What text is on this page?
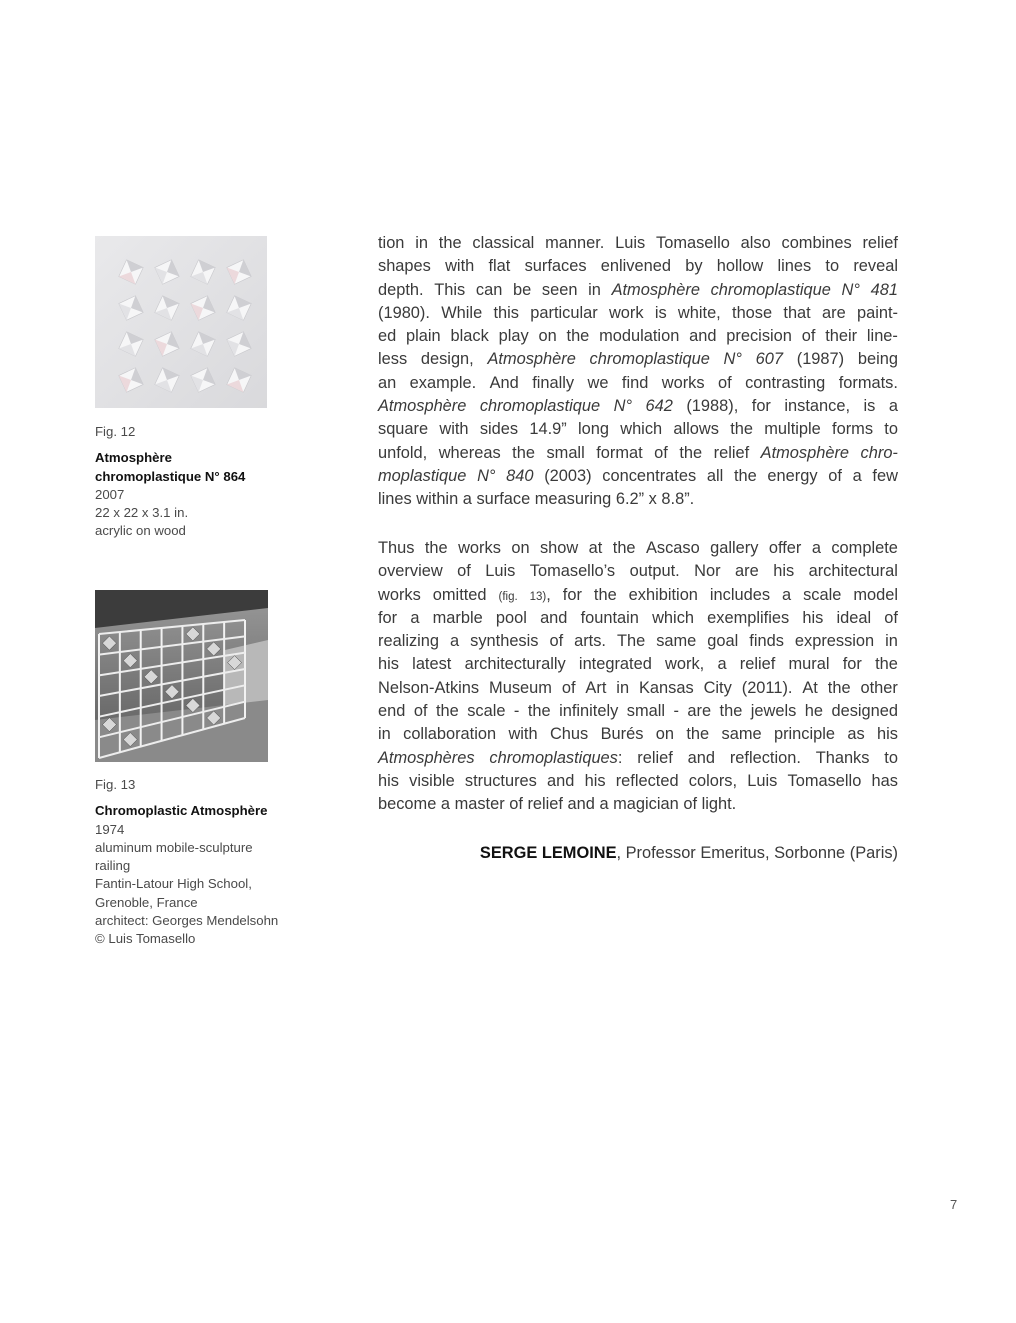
Fig. 12
Atmosphère
chromoplastique N° 864
2007
22 x 22 x 3.1 in.
acrylic on wood
Fig. 13
Chromoplastic Atmosphère
1974
aluminum mobile-sculpture
railing
Fantin-Latour High School,
Grenoble, France
architect: Georges Mendelsohn
© Luis Tomasello
tion in the classical manner. Luis Tomasello also combines relief
shapes with flat surfaces enlivened by hollow lines to reveal
depth. This can be seen in Atmosphère chromoplastique N° 481
(1980). While this particular work is white, those that are paint-
ed plain black play on the modulation and precision of their line-
less design, Atmosphère chromoplastique N° 607 (1987) being
an example. And finally we find works of contrasting formats.
Atmosphère chromoplastique N° 642 (1988), for instance, is a
square with sides 14.9” long which allows the multiple forms to
unfold, whereas the small format of the relief Atmosphère chro-
moplastique N° 840 (2003) concentrates all the energy of a few
lines
within
a
surface
measuring
6.2”
x
8.8”.
Thus the works on show at the Ascaso gallery offer a complete
overview of Luis Tomasello’s output. Nor are his architectural
works omitted (fig. 13), for the exhibition includes a scale model
for a marble pool and fountain which exemplifies his ideal of
realizing a synthesis of arts. The same goal finds expression in
his latest architecturally integrated work, a relief mural for the
Nelson-Atkins Museum of Art in Kansas City (2011). At the other
end of the scale - the infinitely small - are the jewels he designed
in collaboration with Chus Burés on the same principle as his
Atmosphères chromoplastiques: relief and reflection. Thanks to
his visible structures and his reflected colors, Luis Tomasello has
become
a
master
of
relief
and
a
magician
of
light.
SERGE LEMOINE, Professor Emeritus, Sorbonne (Paris)
7
